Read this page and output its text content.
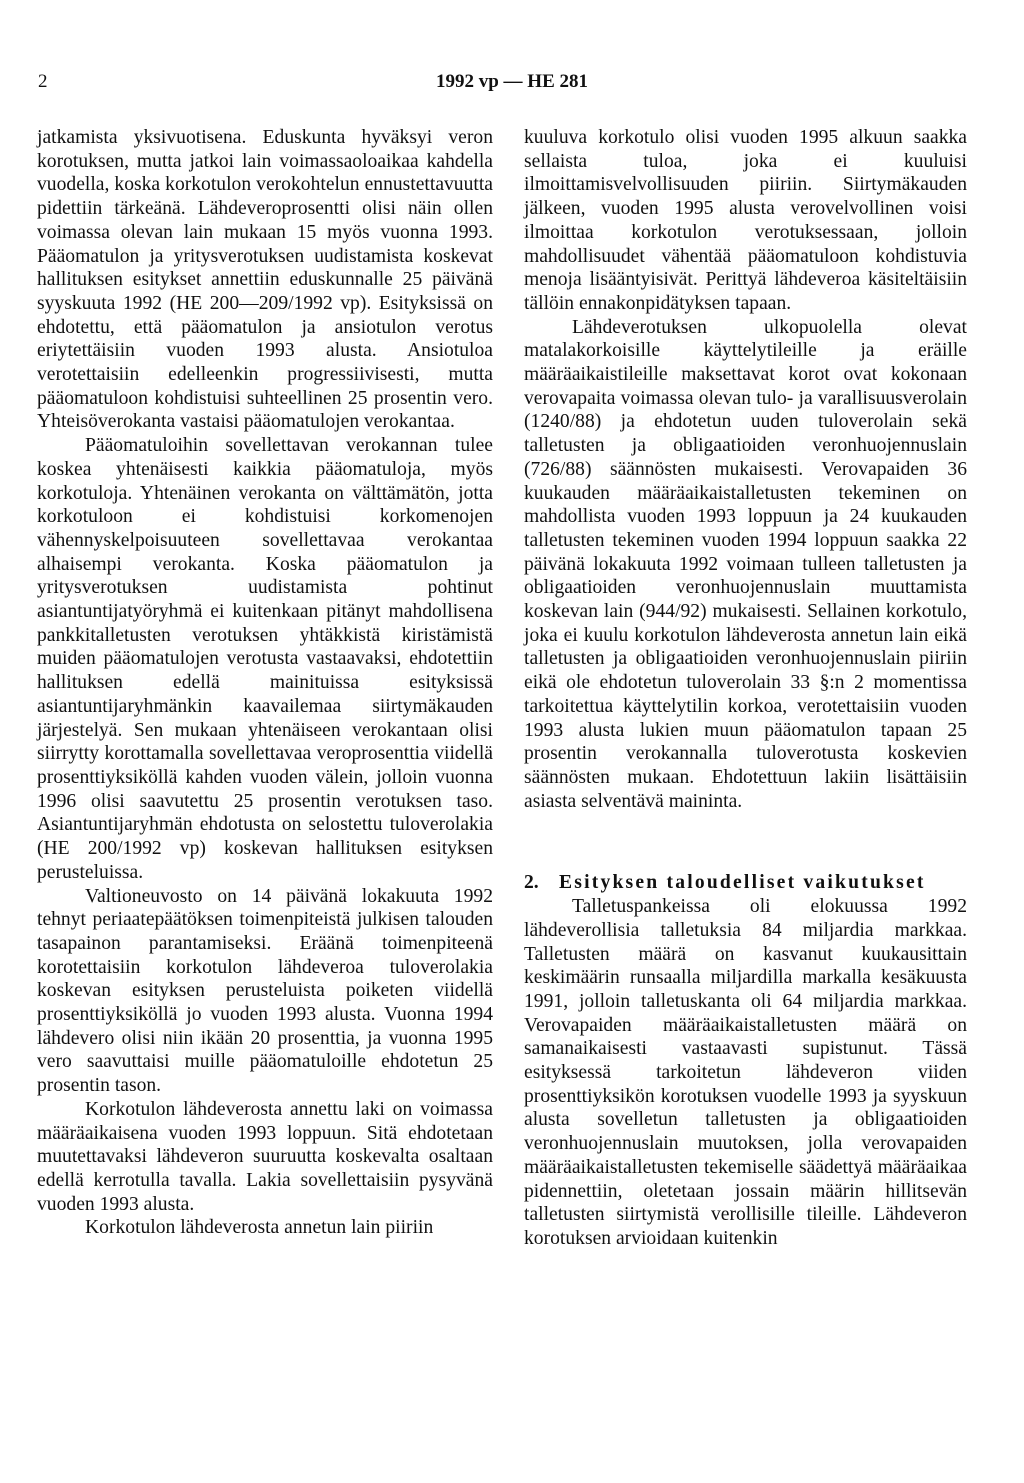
2	1992 vp — HE 281

jatkamista yksivuotisena. Eduskunta hyväksyi veron korotuksen, mutta jatkoi lain voimassaoloaikaa kahdella vuodella, koska korkotulon verokohtelun ennustettavuutta pidettiin tärkeänä. Lähdeveroprosentti olisi näin ollen voimassa olevan lain mukaan 15 myös vuonna 1993. Pääomatulon ja yritysverotuksen uudistamista koskevat hallituksen esitykset annettiin eduskunnalle 25 päivänä syyskuuta 1992 (HE 200—209/1992 vp). Esityksissä on ehdotettu, että pääomatulon ja ansiotulon verotus eriytettäisiin vuoden 1993 alusta. Ansiotuloa verotettaisiin edelleenkin progressiivisesti, mutta pääomatuloon kohdistuisi suhteellinen 25 prosentin vero. Yhteisöverokanta vastaisi pääomatulojen verokantaa.

Pääomatuloihin sovellettavan verokannan tulee koskea yhtenäisesti kaikkia pääomatuloja, myös korkotuloja. Yhtenäinen verokanta on välttämätön, jotta korkotuloon ei kohdistuisi korkomenojen vähennyskelpoisuuteen sovellettavaa verokantaa alhaisempi verokanta. Koska pääomatulon ja yritysverotuksen uudistamista pohtinut asiantuntijatyöryhmä ei kuitenkaan pitänyt mahdollisena pankkitalletusten verotuksen yhtäkkistä kiristämistä muiden pääomatulojen verotusta vastaavaksi, ehdotettiin hallituksen edellä mainituissa esityksissä asiantuntijaryhmänkin kaavailemaa siirtymäkauden järjestelyä. Sen mukaan yhtenäiseen verokantaan olisi siirrytty korottamalla sovellettavaa veroprosenttia viidellä prosenttiyksiköllä kahden vuoden välein, jolloin vuonna 1996 olisi saavutettu 25 prosentin verotuksen taso. Asiantuntijaryhmän ehdotusta on selostettu tuloverolakia (HE 200/1992 vp) koskevan hallituksen esityksen perusteluissa.

Valtioneuvosto on 14 päivänä lokakuuta 1992 tehnyt periaatepäätöksen toimenpiteistä julkisen talouden tasapainon parantamiseksi. Eräänä toimenpiteenä korotettaisiin korkotulon lähdeveroa tuloverolakia koskevan esityksen perusteluista poiketen viidellä prosenttiyksiköllä jo vuoden 1993 alusta. Vuonna 1994 lähdevero olisi niin ikään 20 prosenttia, ja vuonna 1995 vero saavuttaisi muille pääomatuloille ehdotetun 25 prosentin tason.

Korkotulon lähdeverosta annettu laki on voimassa määräaikaisena vuoden 1993 loppuun. Sitä ehdotetaan muutettavaksi lähdeveron suuruutta koskevalta osaltaan edellä kerrotulla tavalla. Lakia sovellettaisiin pysyvänä vuoden 1993 alusta.

Korkotulon lähdeverosta annetun lain piiriin

kuuluva korkotulo olisi vuoden 1995 alkuun saakka sellaista tuloa, joka ei kuuluisi ilmoittamisvelvollisuuden piiriin. Siirtymäkauden jälkeen, vuoden 1995 alusta verovelvollinen voisi ilmoittaa korkotulon verotuksessaan, jolloin mahdollisuudet vähentää pääomatuloon kohdistuvia menoja lisääntyisivät. Perittyä lähdeveroa käsiteltäisiin tällöin ennakonpidätyksen tapaan.

Lähdeverotuksen ulkopuolella olevat matalakorkoisille käyttelytileille ja eräille määräaikaistileille maksettavat korot ovat kokonaan verovapaita voimassa olevan tulo- ja varallisuusverolain (1240/88) ja ehdotetun uuden tuloverolain sekä talletusten ja obligaatioiden veronhuojennuslain (726/88) säännösten mukaisesti. Verovapaiden 36 kuukauden määräaikaistalletusten tekeminen on mahdollista vuoden 1993 loppuun ja 24 kuukauden talletusten tekeminen vuoden 1994 loppuun saakka 22 päivänä lokakuuta 1992 voimaan tulleen talletusten ja obligaatioiden veronhuojennuslain muuttamista koskevan lain (944/92) mukaisesti. Sellainen korkotulo, joka ei kuulu korkotulon lähdeverosta annetun lain eikä talletusten ja obligaatioiden veronhuojennuslain piiriin eikä ole ehdotetun tuloverolain 33 §:n 2 momentissa tarkoitettua käyttelytilin korkoa, verotettaisiin vuoden 1993 alusta lukien muun pääomatulon tapaan 25 prosentin verokannalla tuloverotusta koskevien säännösten mukaan. Ehdotettuun lakiin lisättäisiin asiasta selventävä maininta.

2.	Esityksen taloudelliset vaikutukset

Talletuspankeissa oli elokuussa 1992 lähdeverollisia talletuksia 84 miljardia markkaa. Talletusten määrä on kasvanut kuukausittain keskimäärin runsaalla miljardilla markalla kesäkuusta 1991, jolloin talletuskanta oli 64 miljardia markkaa. Verovapaiden määräaikaistalletusten määrä on samanaikaisesti vastaavasti supistunut. Tässä esityksessä tarkoitetun lähdeveron viiden prosenttiyksikön korotuksen vuodelle 1993 ja syyskuun alusta sovelletun talletusten ja obligaatioiden veronhuojennuslain muutoksen, jolla verovapaiden määräaikaistalletusten tekemiselle säädettyä määräaikaa pidennettiin, oletetaan jossain määrin hillitsevän talletusten siirtymistä verollisille tileille. Lähdeveron korotuksen arvioidaan kuitenkin
